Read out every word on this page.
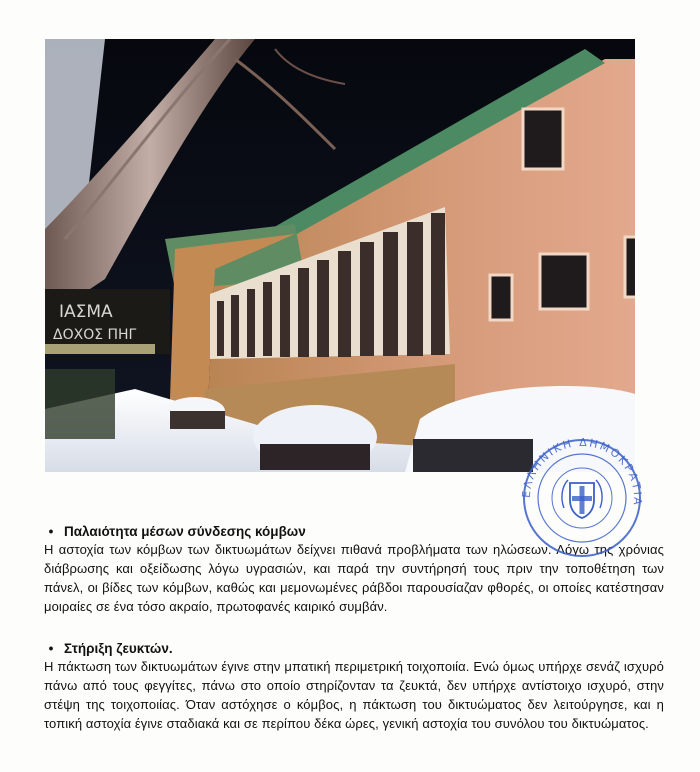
ΙΑΣΜΑ
ΔΟΧΟΣ ΠΗΓ

• Παλαιότητα μέσων σύνδεσης κόμβων

Η αστοχία των κόμβων των δικτυωμάτων δείχνει πιθανά προβλήματα των ηλώσεων. Λόγω της χρόνιας διάβρωσης και οξείδωσης λόγω υγρασιών, και παρά την συντήρησή τους πριν την τοποθέτηση των πάνελ, οι βίδες των κόμβων, καθώς και μεμονωμένες ράβδοι παρουσίαζαν φθορές, οι οποίες κατέστησαν μοιραίες σε ένα τόσο ακραίο, πρωτοφανές καιρικό συμβάν.

• Στήριξη ζευκτών.

Η πάκτωση των δικτυωμάτων έγινε στην μπατική περιμετρική τοιχοποιία. Ενώ όμως υπήρχε σενάζ ισχυρό πάνω από τους φεγγίτες, πάνω στο οποίο στηρίζονταν τα ζευκτά, δεν υπήρχε αντίστοιχο ισχυρό, στην στέψη της τοιχοποιίας. Όταν αστόχησε ο κόμβος, η πάκτωση του δικτυώματος δεν λειτούργησε, και η τοπική αστοχία έγινε σταδιακά και σε περίπου δέκα ώρες, γενική αστοχία του συνόλου του δικτυώματος.

ΕΛΛΗΝΙΚΗ ΔΗΜΟΚΡΑΤΙΑ
